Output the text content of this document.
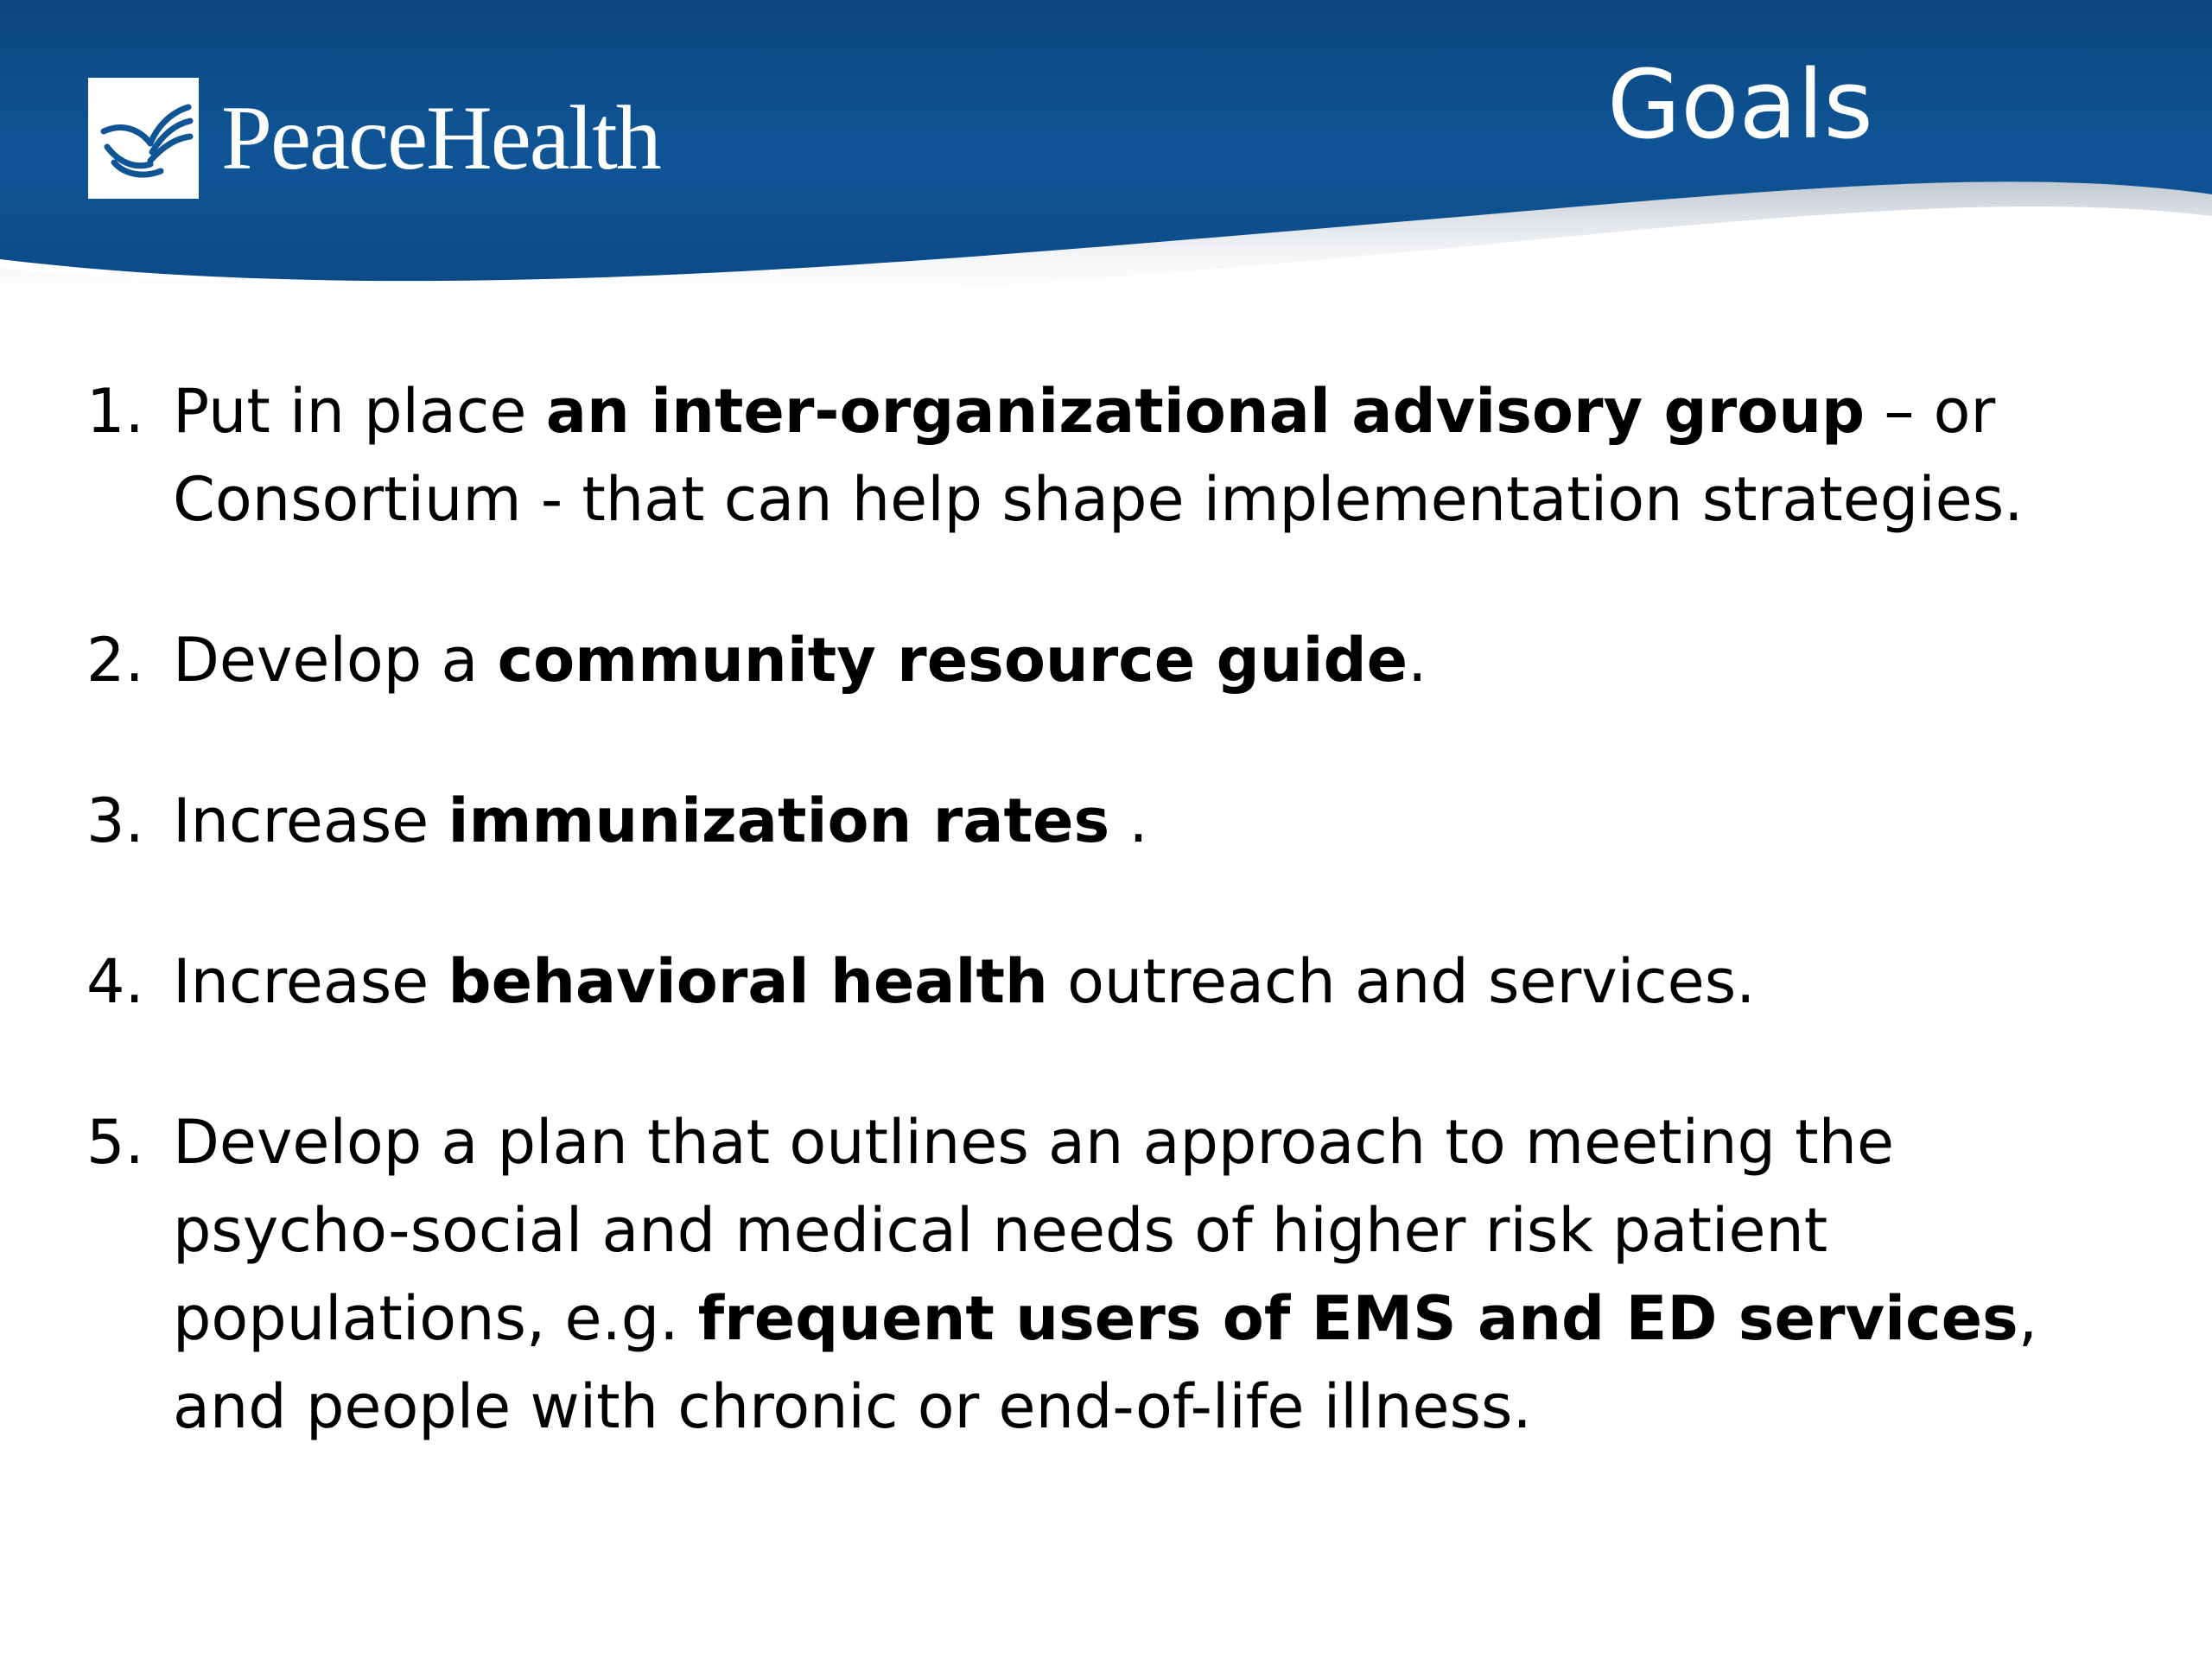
PeaceHealth	Goals
1. Put in place an inter-organizational advisory group – or Consortium - that can help shape implementation strategies.
2. Develop a community resource guide.
3. Increase immunization rates .
4. Increase behavioral health outreach and services.
5. Develop a plan that outlines an approach to meeting the psycho-social and medical needs of higher risk patient populations, e.g. frequent users of EMS and ED services, and people with chronic or end-of-life illness.
